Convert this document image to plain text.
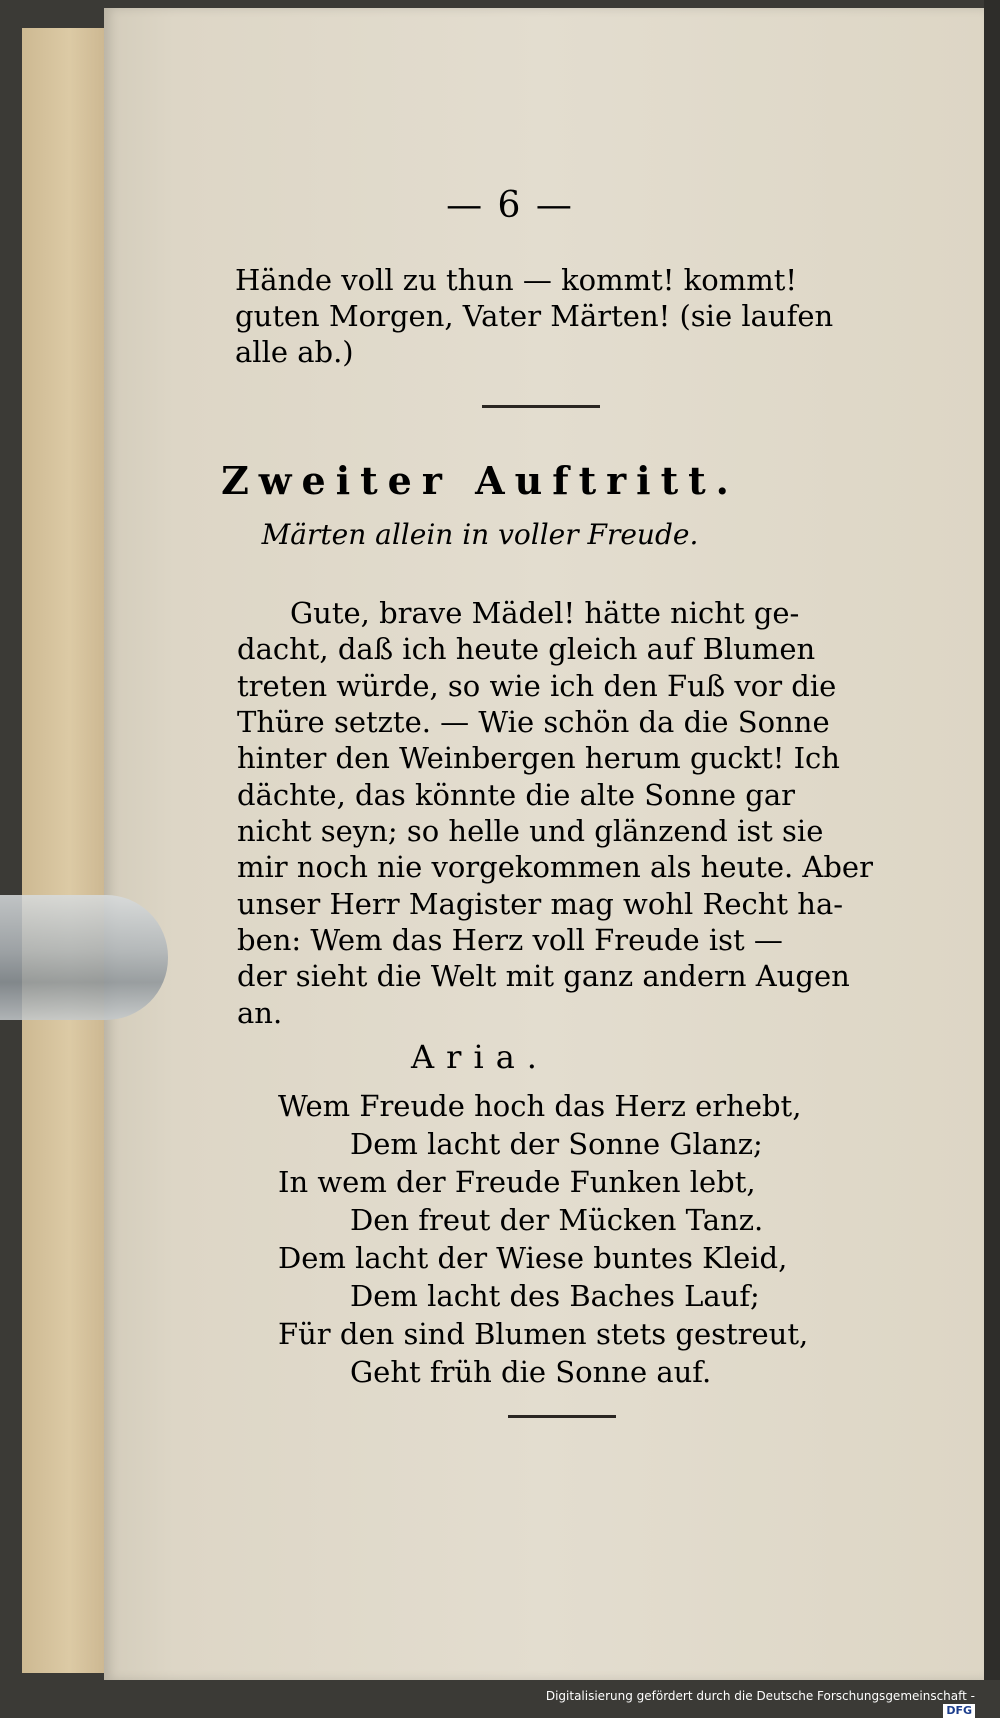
— 6 —
Hände voll zu thun — kommt! kommt!
guten Morgen, Vater Märten! (sie laufen
alle ab.)
Zweiter Auftritt.
Märten allein in voller Freude.
Gute, brave Mädel! hätte nicht ge-
dacht, daß ich heute gleich auf Blumen
treten würde, so wie ich den Fuß vor die
Thüre setzte. — Wie schön da die Sonne
hinter den Weinbergen herum guckt! Ich
dächte, das könnte die alte Sonne gar
nicht seyn; so helle und glänzend ist sie
mir noch nie vorgekommen als heute. Aber
unser Herr Magister mag wohl Recht ha-
ben: Wem das Herz voll Freude ist —
der sieht die Welt mit ganz andern Augen
an.
Aria.
Wem Freude hoch das Herz erhebt,
Dem lacht der Sonne Glanz;
In wem der Freude Funken lebt,
Den freut der Mücken Tanz.
Dem lacht der Wiese buntes Kleid,
Dem lacht des Baches Lauf;
Für den sind Blumen stets gestreut,
Geht früh die Sonne auf.
Digitalisierung gefördert durch die Deutsche Forschungsgemeinschaft -DFG
